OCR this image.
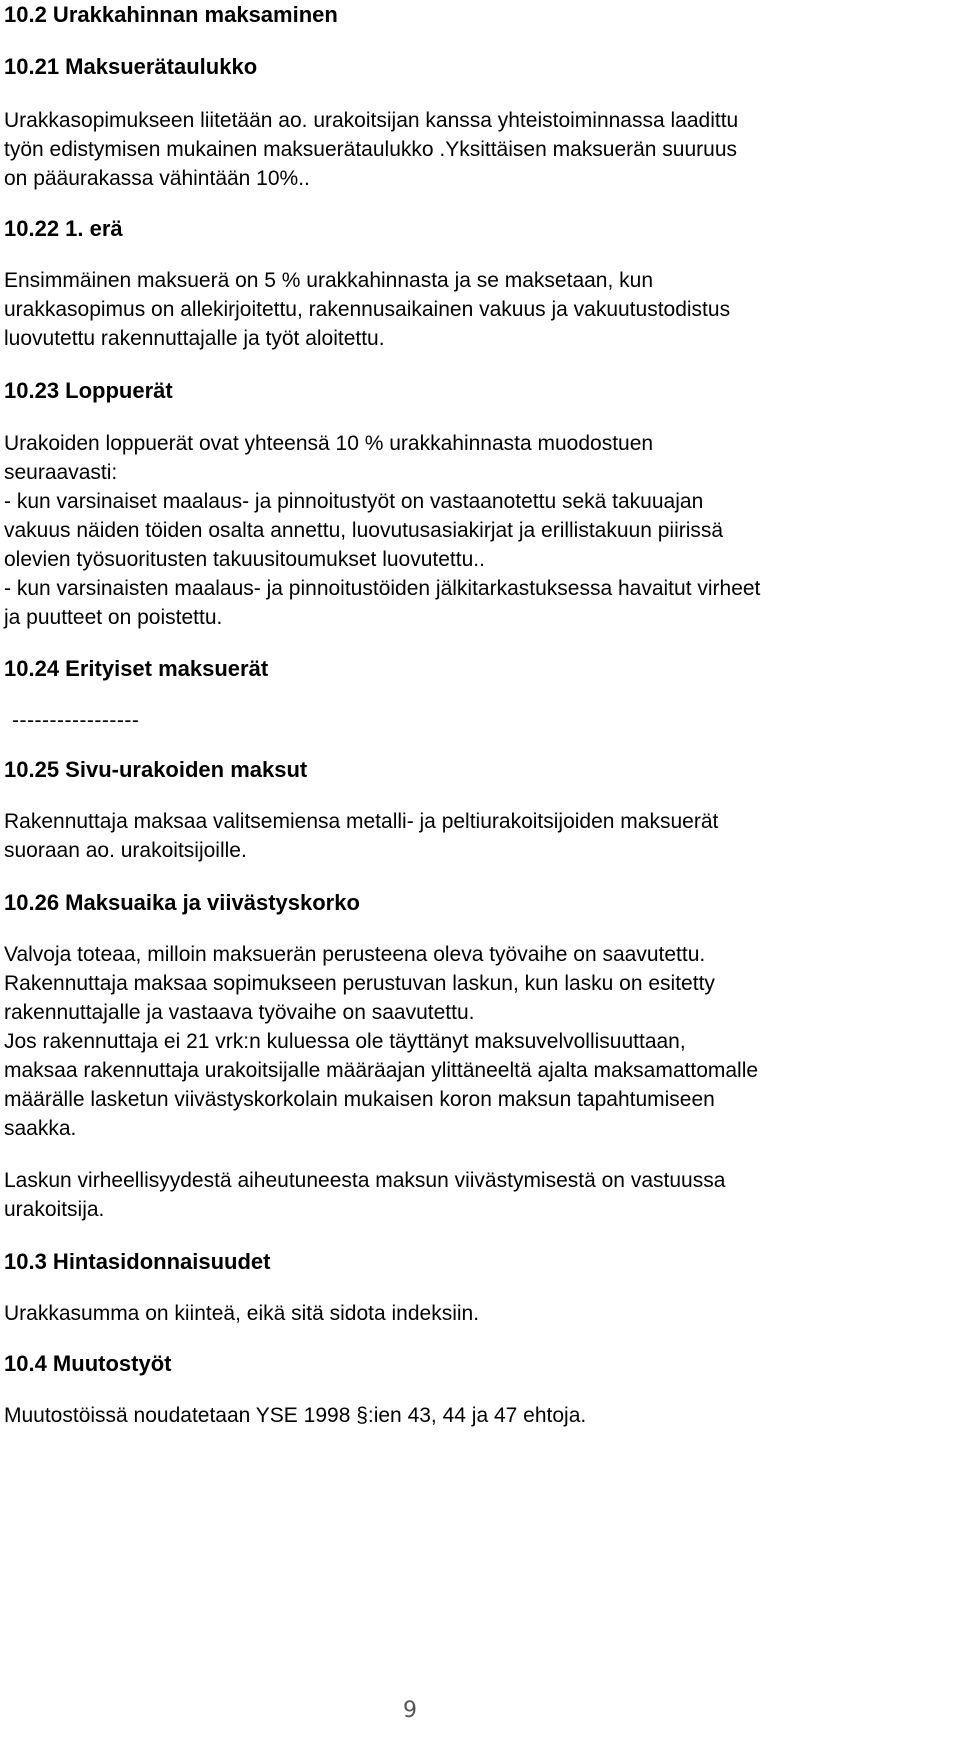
10.2 Urakkahinnan maksaminen

10.21 Maksuerätaulukko

Urakkasopimukseen liitetään ao. urakoitsijan kanssa yhteistoiminnassa laadittu
työn edistymisen mukainen maksuerätaulukko .Yksittäisen maksuerän suuruus
on pääurakassa vähintään 10%..

10.22 1. erä

Ensimmäinen maksuerä on 5 % urakkahinnasta ja se maksetaan, kun
urakkasopimus on allekirjoitettu, rakennusaikainen vakuus ja vakuutustodistus
luovutettu rakennuttajalle ja työt aloitettu.

10.23 Loppuerät

Urakoiden loppuerät ovat yhteensä 10 % urakkahinnasta muodostuen
seuraavasti:

- kun varsinaiset maalaus- ja pinnoitustyöt on vastaanotettu sekä takuuajan
vakuus näiden töiden osalta annettu, luovutusasiakirjat ja erillistakuun piirissä
olevien työsuoritusten takuusitoumukset luovutettu..

- kun varsinaisten maalaus- ja pinnoitustöiden jälkitarkastuksessa havaitut virheet
ja puutteet on poistettu.

10.24 Erityiset maksuerät

-----------------

10.25 Sivu-urakoiden maksut

Rakennuttaja maksaa valitsemiensa metalli- ja peltiurakoitsijoiden maksuerät
suoraan ao. urakoitsijoille.

10.26 Maksuaika ja viivästyskorko

Valvoja toteaa, milloin maksuerän perusteena oleva työvaihe on saavutettu.
Rakennuttaja maksaa sopimukseen perustuvan laskun, kun lasku on esitetty
rakennuttajalle ja vastaava työvaihe on saavutettu.
Jos rakennuttaja ei 21 vrk:n kuluessa ole täyttänyt maksuvelvollisuuttaan,
maksaa rakennuttaja urakoitsijalle määräajan ylittäneeltä ajalta maksamattomalle
määrälle lasketun viivästyskorkolain mukaisen koron maksun tapahtumiseen
saakka.

Laskun virheellisyydestä aiheutuneesta maksun viivästymisestä on vastuussa
urakoitsija.

10.3 Hintasidonnaisuudet

Urakkasumma on kiinteä, eikä sitä sidota indeksiin.

10.4 Muutostyöt

Muutostöissä noudatetaan YSE 1998 §:ien 43, 44 ja 47 ehtoja.

9
